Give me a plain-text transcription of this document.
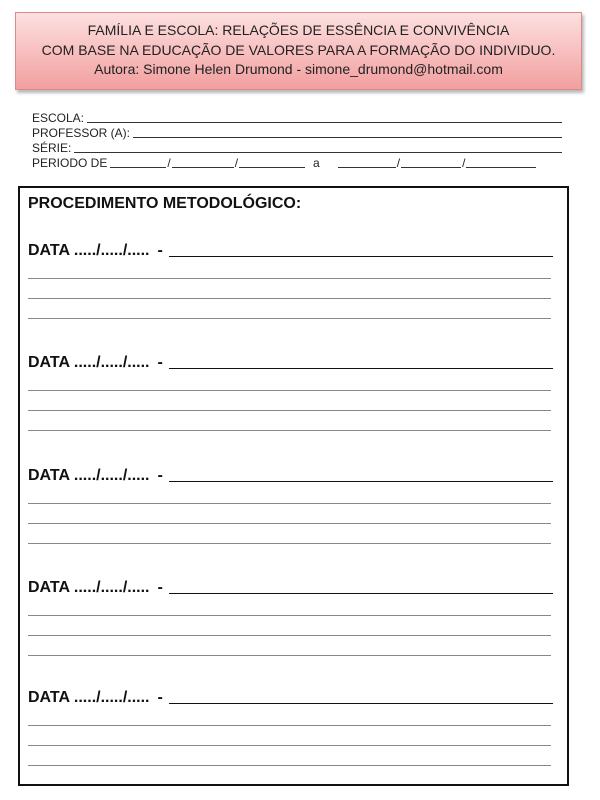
FAMÍLIA E ESCOLA: RELAÇÕES DE ESSÊNCIA E CONVIVÊNCIA
COM BASE NA EDUCAÇÃO DE VALORES PARA A FORMAÇÃO DO INDIVIDUO.
Autora: Simone Helen Drumond - simone_drumond@hotmail.com
ESCOLA:
PROFESSOR (A):
SÉRIE:
PERIODO DE	/	/	a	/	/
PROCEDIMENTO METODOLÓGICO:
DATA ...../...../..... -
DATA ...../...../..... -
DATA ...../...../..... -
DATA ...../...../..... -
DATA ...../...../..... -
